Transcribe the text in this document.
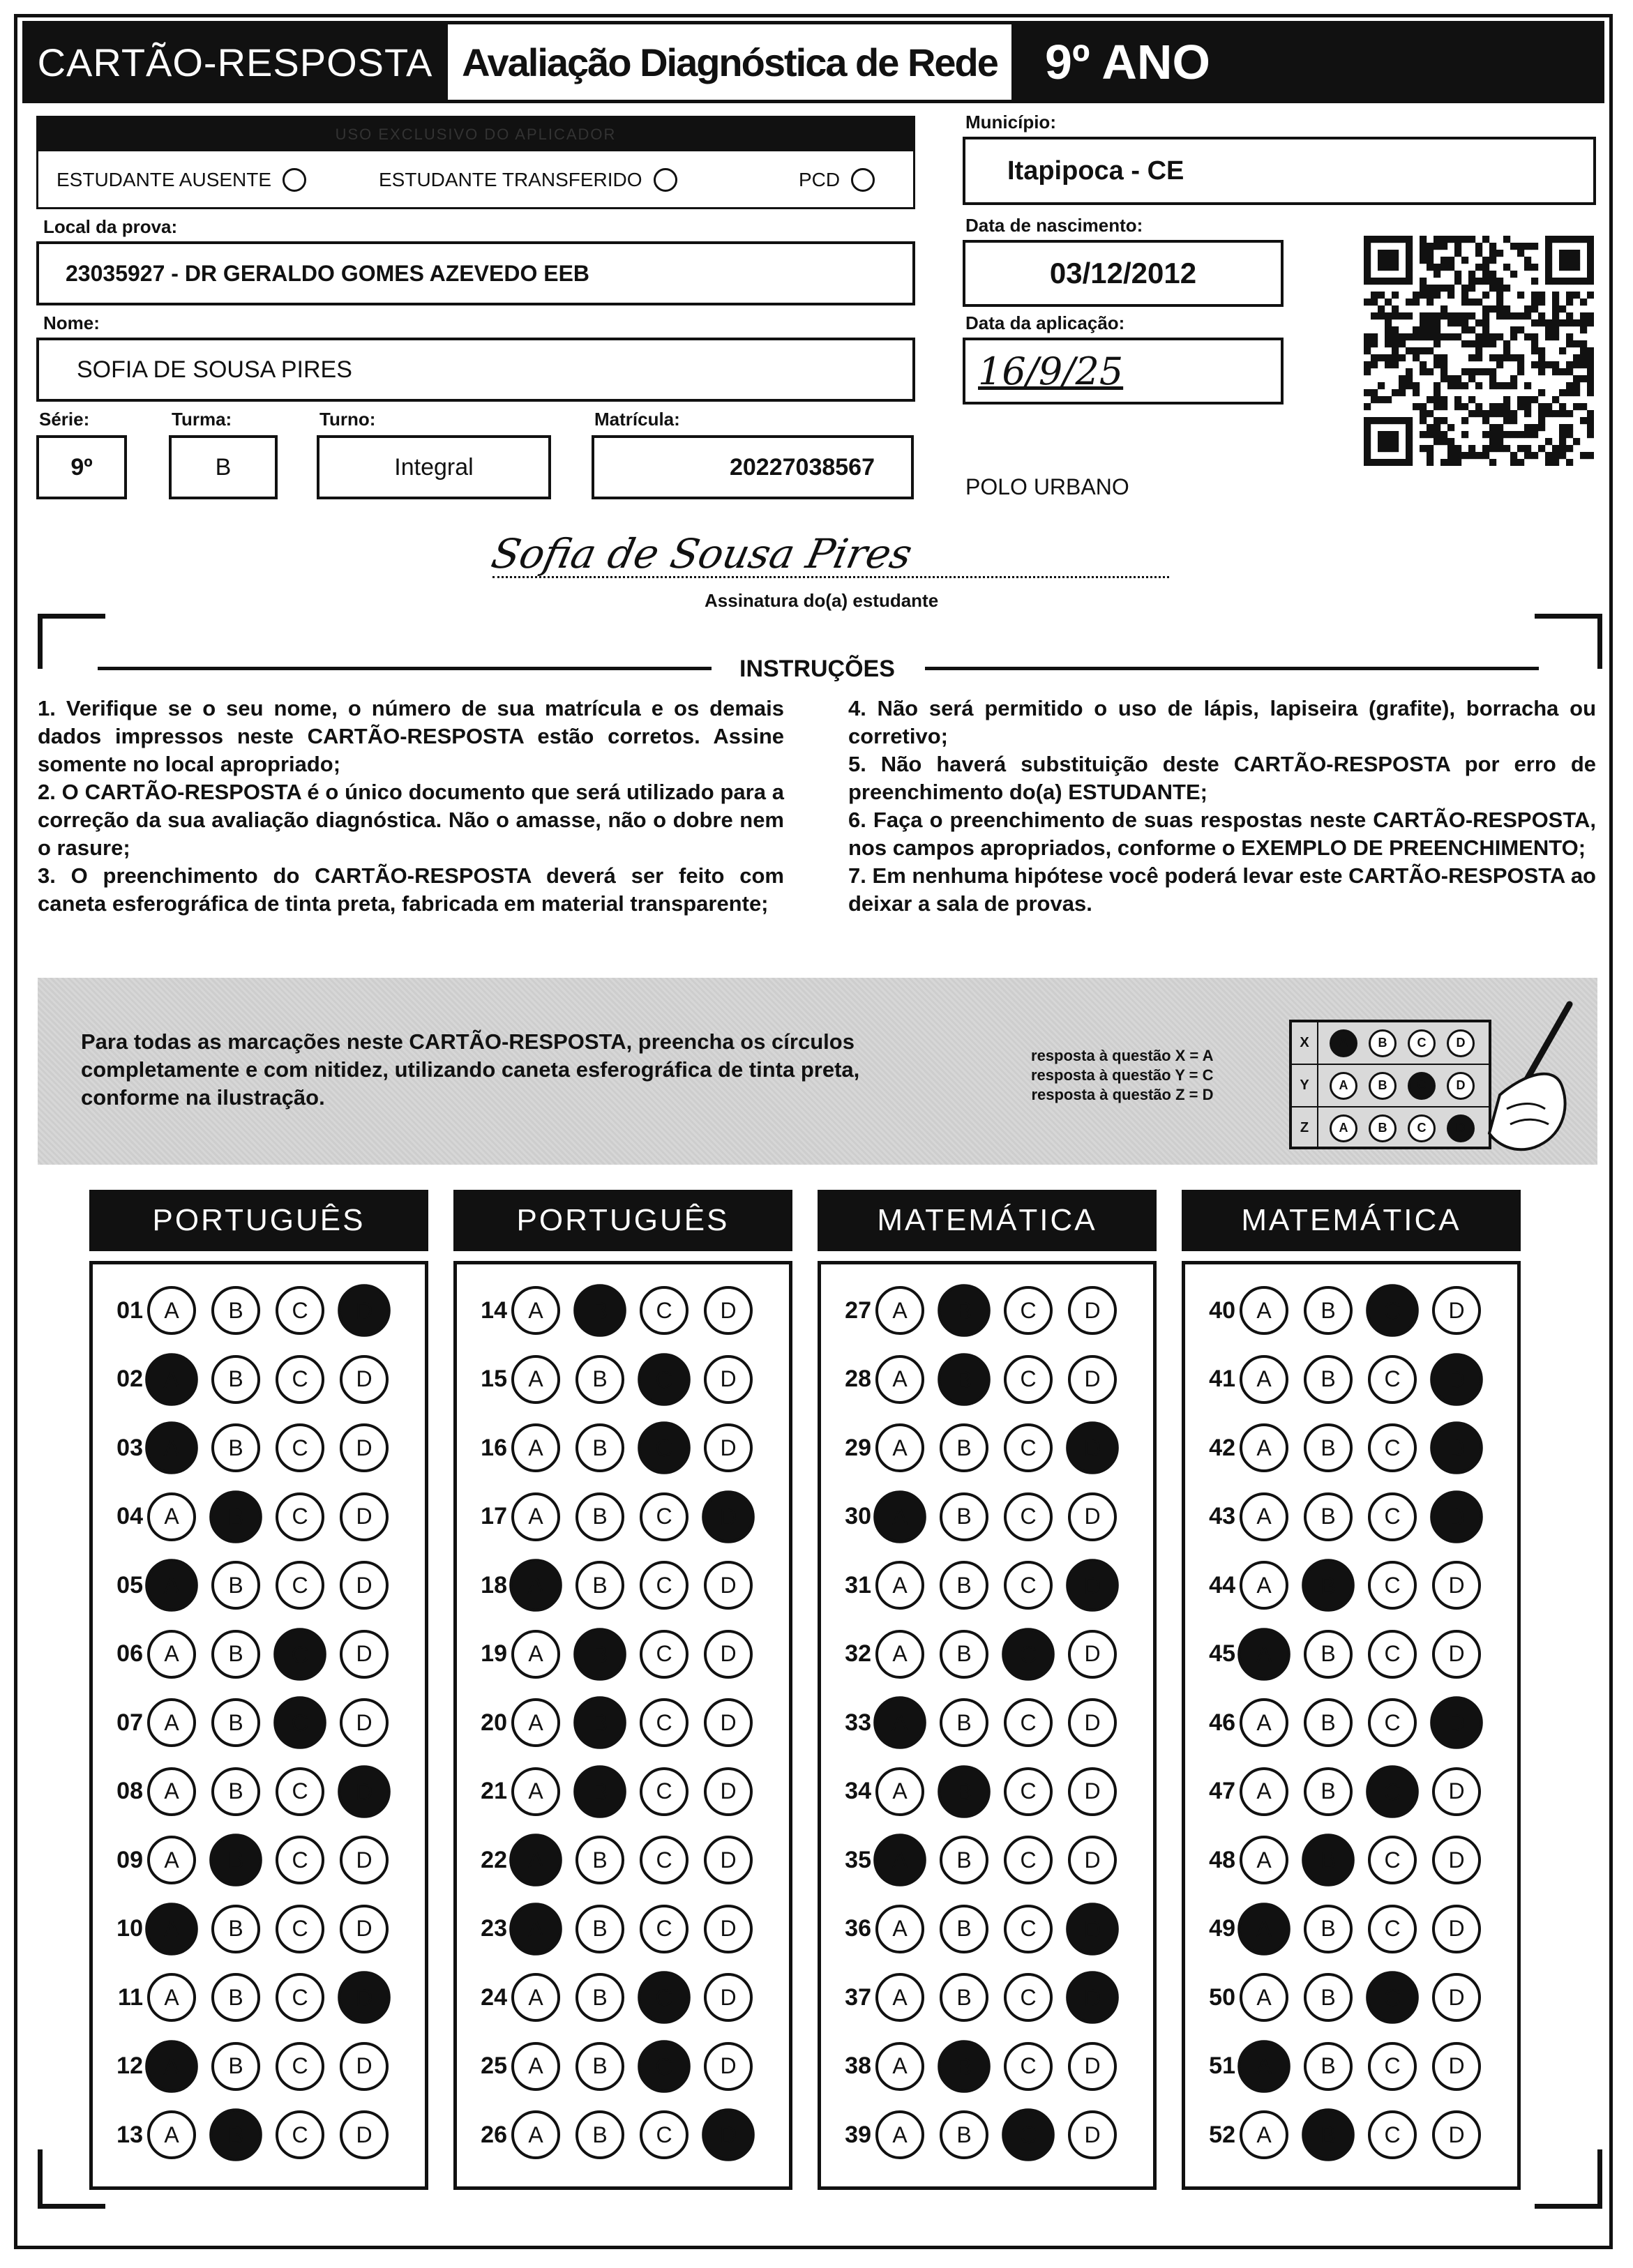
CARTÃO-RESPOSTA Avaliação Diagnóstica de Rede 9º ANO
USO EXCLUSIVO DO APLICADOR
ESTUDANTE AUSENTE	ESTUDANTE TRANSFERIDO	PCD
Local da prova:
23035927 - DR GERALDO GOMES AZEVEDO EEB
Nome:
SOFIA DE SOUSA PIRES
Série:	Turma:	Turno:	Matrícula:
9º	B	Integral	20227038567
Município:
Itapipoca - CE
Data de nascimento:
03/12/2012
Data da aplicação:
16/9/25
POLO URBANO
Sofia de Sousa Pires
Assinatura do(a) estudante
INSTRUÇÕES

1. Verifique se o seu nome, o número de sua matrícula e os demais dados impressos neste CARTÃO-RESPOSTA estão corretos. Assine somente no local apropriado;

2. O CARTÃO-RESPOSTA é o único documento que será utilizado para a correção da sua avaliação diagnóstica. Não o amasse, não o dobre nem o rasure;

3. O preenchimento do CARTÃO-RESPOSTA deverá ser feito com caneta esferográfica de tinta preta, fabricada em material transparente;

4. Não será permitido o uso de lápis, lapiseira (grafite), borracha ou corretivo;

5. Não haverá substituição deste CARTÃO-RESPOSTA por erro de preenchimento do(a) ESTUDANTE;

6. Faça o preenchimento de suas respostas neste CARTÃO-RESPOSTA, nos campos apropriados, conforme o EXEMPLO DE PREENCHIMENTO;

7. Em nenhuma hipótese você poderá levar este CARTÃO-RESPOSTA ao deixar a sala de provas.

Para todas as marcações neste CARTÃO-RESPOSTA, preencha os círculos completamente e com nitidez, utilizando caneta esferográfica de tinta preta, conforme na ilustração.
resposta à questão X = A
resposta à questão Y = C
resposta à questão Z = D
X	A	B	C	D
Y	A	B	C	D
Z	A	B	C	D
PORTUGUÊS
01 A	B	C	D
02 A	B	C	D
03 A	B	C	D
04 A	B	C	D
05 A	B	C	D
06 A	B	C	D
07 A	B	C	D
08 A	B	C	D
09 A	B	C	D
10 A	B	C	D
11 A	B	C	D
12 A	B	C	D
13 A	B	C	D
PORTUGUÊS
14 A	B	C	D
15 A	B	C	D
16 A	B	C	D
17 A	B	C	D
18 A	B	C	D
19 A	B	C	D
20 A	B	C	D
21 A	B	C	D
22 A	B	C	D
23 A	B	C	D
24 A	B	C	D
25 A	B	C	D
26 A	B	C	D
MATEMÁTICA
27 A	B	C	D
28 A	B	C	D
29 A	B	C	D
30 A	B	C	D
31 A	B	C	D
32 A	B	C	D
33 A	B	C	D
34 A	B	C	D
35 A	B	C	D
36 A	B	C	D
37 A	B	C	D
38 A	B	C	D
39 A	B	C	D
MATEMÁTICA
40 A	B	C	D
41 A	B	C	D
42 A	B	C	D
43 A	B	C	D
44 A	B	C	D
45 A	B	C	D
46 A	B	C	D
47 A	B	C	D
48 A	B	C	D
49 A	B	C	D
50 A	B	C	D
51 A	B	C	D
52 A	B	C	D
